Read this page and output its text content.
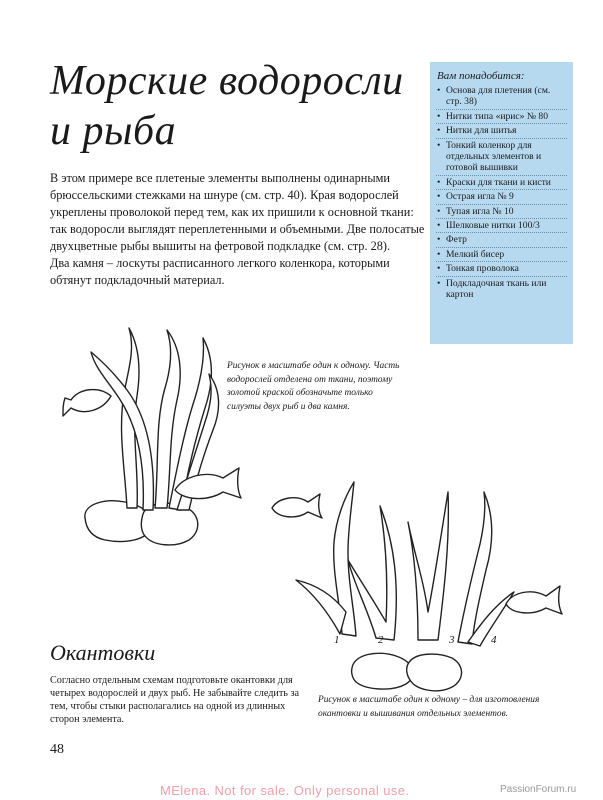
Морские водоросли
и рыба

В этом примере все плетеные элементы выполнены одинарными брюссельскими стежками на шнуре (см. стр. 40). Края водорослей укреплены проволокой перед тем, как их пришили к основной ткани: так водоросли выглядят переплетенными и объемными. Две полосатые двухцветные рыбы вышиты на фетровой подкладке (см. стр. 28).

Два камня – лоскуты расписанного легкого коленкора, которыми обтянут подкладочный материал.

Вам понадобится:
• Основа для плетения (см. стр. 38)
• Нитки типа «ирис» № 80
• Нитки для шитья
• Тонкий коленкор для отдельных элементов и готовой вышивки
• Краски для ткани и кисти
• Острая игла № 9
• Тупая игла № 10
• Шелковые нитки 100/3
• Фетр
• Мелкий бисер
• Тонкая проволока
• Подкладочная ткань или картон
1	2	3	4
Рисунок в масштабе один к одному. Часть водорослей отделена от ткани, поэтому золотой краской обозначьте только силуэты двух рыб и два камня.
Рисунок в масштабе один к одному – для изготовления окантовки и вышивания отдельных элементов.
Окантовки
Согласно отдельным схемам подготовьте окантовки для четырех водорослей и двух рыб. Не забывайте следить за тем, чтобы стыки располагались на одной из длинных сторон элемента.
48
MElena. Not for sale. Only personal use.	PassionForum.ru
